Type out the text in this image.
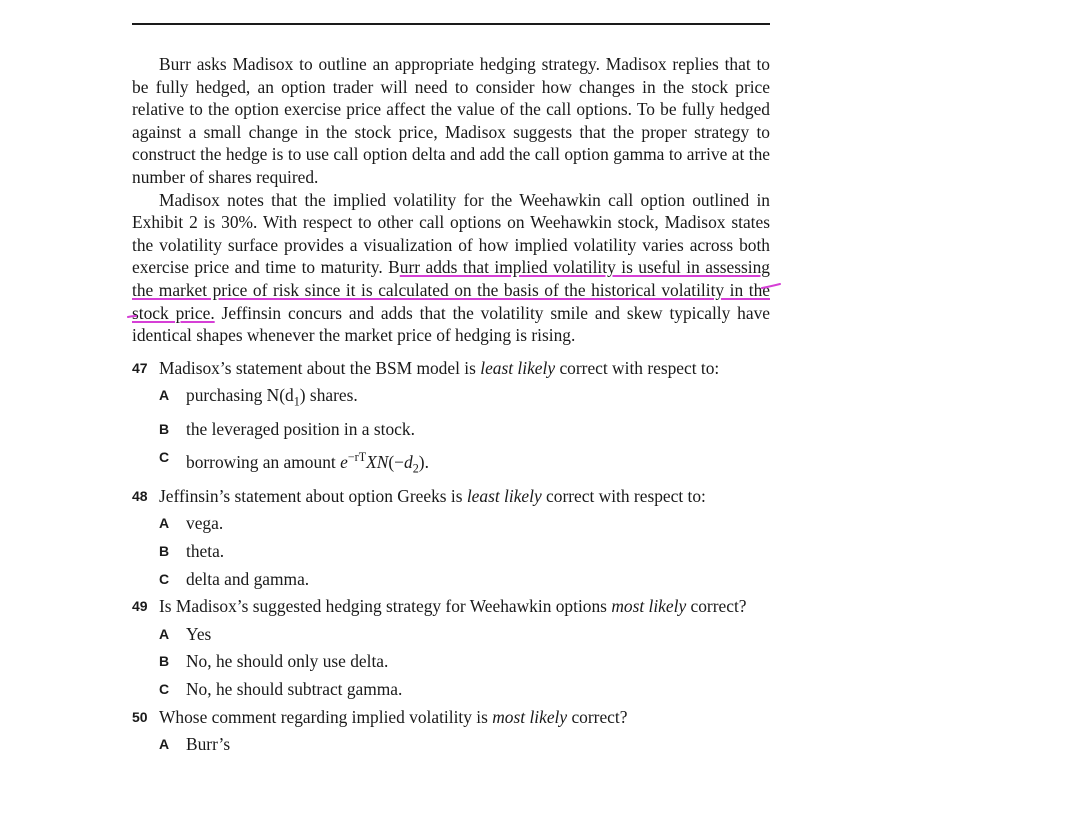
Burr asks Madisox to outline an appropriate hedging strategy. Madisox replies that to be fully hedged, an option trader will need to consider how changes in the stock price relative to the option exercise price affect the value of the call options. To be fully hedged against a small change in the stock price, Madisox suggests that the proper strategy to construct the hedge is to use call option delta and add the call option gamma to arrive at the number of shares required.

Madisox notes that the implied volatility for the Weehawkin call option outlined in Exhibit 2 is 30%. With respect to other call options on Weehawkin stock, Madisox states the volatility surface provides a visualization of how implied volatility varies across both exercise price and time to maturity. Burr adds that implied volatility is useful in assessing the market price of risk since it is calculated on the basis of the historical volatility in the stock price. Jeffinsin concurs and adds that the volatility smile and skew typically have identical shapes whenever the market price of hedging is rising.

47 Madisox’s statement about the BSM model is least likely correct with respect to:
A purchasing $N(d_1)$ shares.
B the leveraged position in a stock.
C borrowing an amount $e^{-rT}XN(-d_2)$.
48 Jeffinsin’s statement about option Greeks is least likely correct with respect to:
A vega.
B theta.
C delta and gamma.
49 Is Madisox’s suggested hedging strategy for Weehawkin options most likely correct?
A Yes
B No, he should only use delta.
C No, he should subtract gamma.
50 Whose comment regarding implied volatility is most likely correct?
A Burr’s
